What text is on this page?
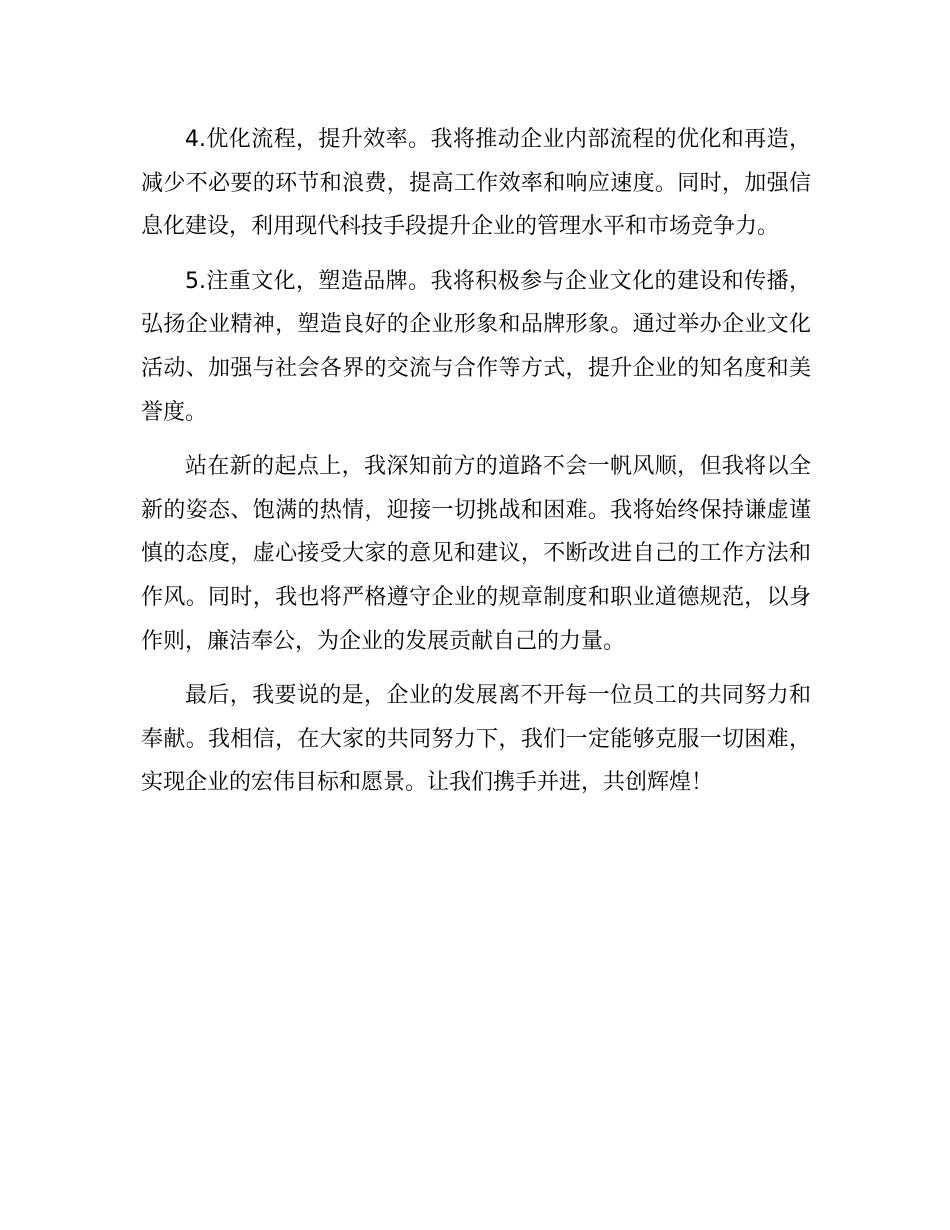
4.优化流程，提升效率。我将推动企业内部流程的优化和再造，减少不必要的环节和浪费，提高工作效率和响应速度。同时，加强信息化建设，利用现代科技手段提升企业的管理水平和市场竞争力。

5.注重文化，塑造品牌。我将积极参与企业文化的建设和传播，弘扬企业精神，塑造良好的企业形象和品牌形象。通过举办企业文化活动、加强与社会各界的交流与合作等方式，提升企业的知名度和美誉度。

站在新的起点上，我深知前方的道路不会一帆风顺，但我将以全新的姿态、饱满的热情，迎接一切挑战和困难。我将始终保持谦虚谨慎的态度，虚心接受大家的意见和建议，不断改进自己的工作方法和作风。同时，我也将严格遵守企业的规章制度和职业道德规范，以身作则，廉洁奉公，为企业的发展贡献自己的力量。

最后，我要说的是，企业的发展离不开每一位员工的共同努力和奉献。我相信，在大家的共同努力下，我们一定能够克服一切困难，实现企业的宏伟目标和愿景。让我们携手并进，共创辉煌！
